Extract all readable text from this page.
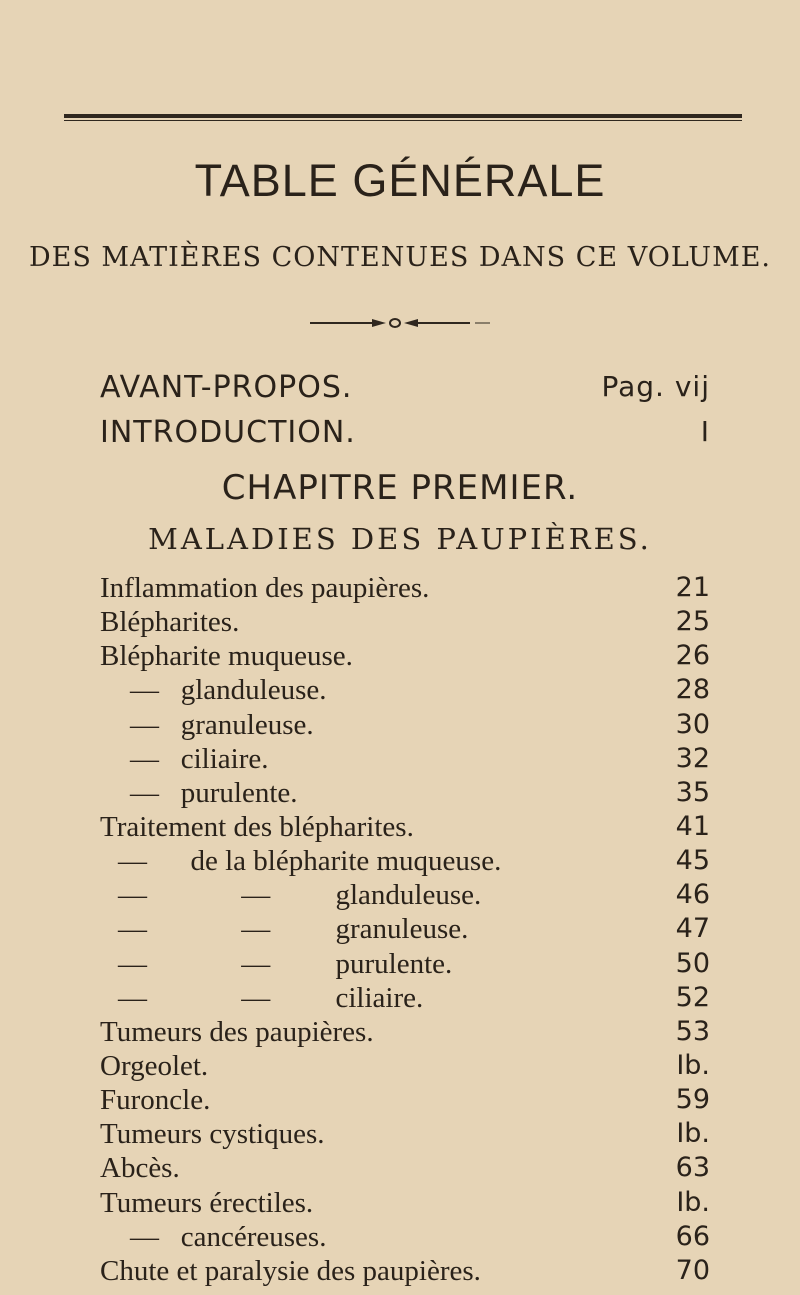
TABLE GÉNÉRALE
DES MATIÈRES CONTENUES DANS CE VOLUME.
AVANT-PROPOS.	Pag. vij
INTRODUCTION.	I
CHAPITRE PREMIER.
MALADIES DES PAUPIÈRES.
Inflammation des paupières.	21
Blépharites.	25
Blépharite muqueuse.	26
—   glanduleuse.	28
—   granuleuse.	30
—   ciliaire.	32
—   purulente.	35
Traitement des blépharites.	41
—      de la blépharite muqueuse.	45
—             —         glanduleuse.	46
—             —         granuleuse.	47
—             —         purulente.	50
—             —         ciliaire.	52
Tumeurs des paupières.	53
Orgeolet.	Ib.
Furoncle.	59
Tumeurs cystiques.	Ib.
Abcès.	63
Tumeurs érectiles.	Ib.
—   cancéreuses.	66
Chute et paralysie des paupières.	70
